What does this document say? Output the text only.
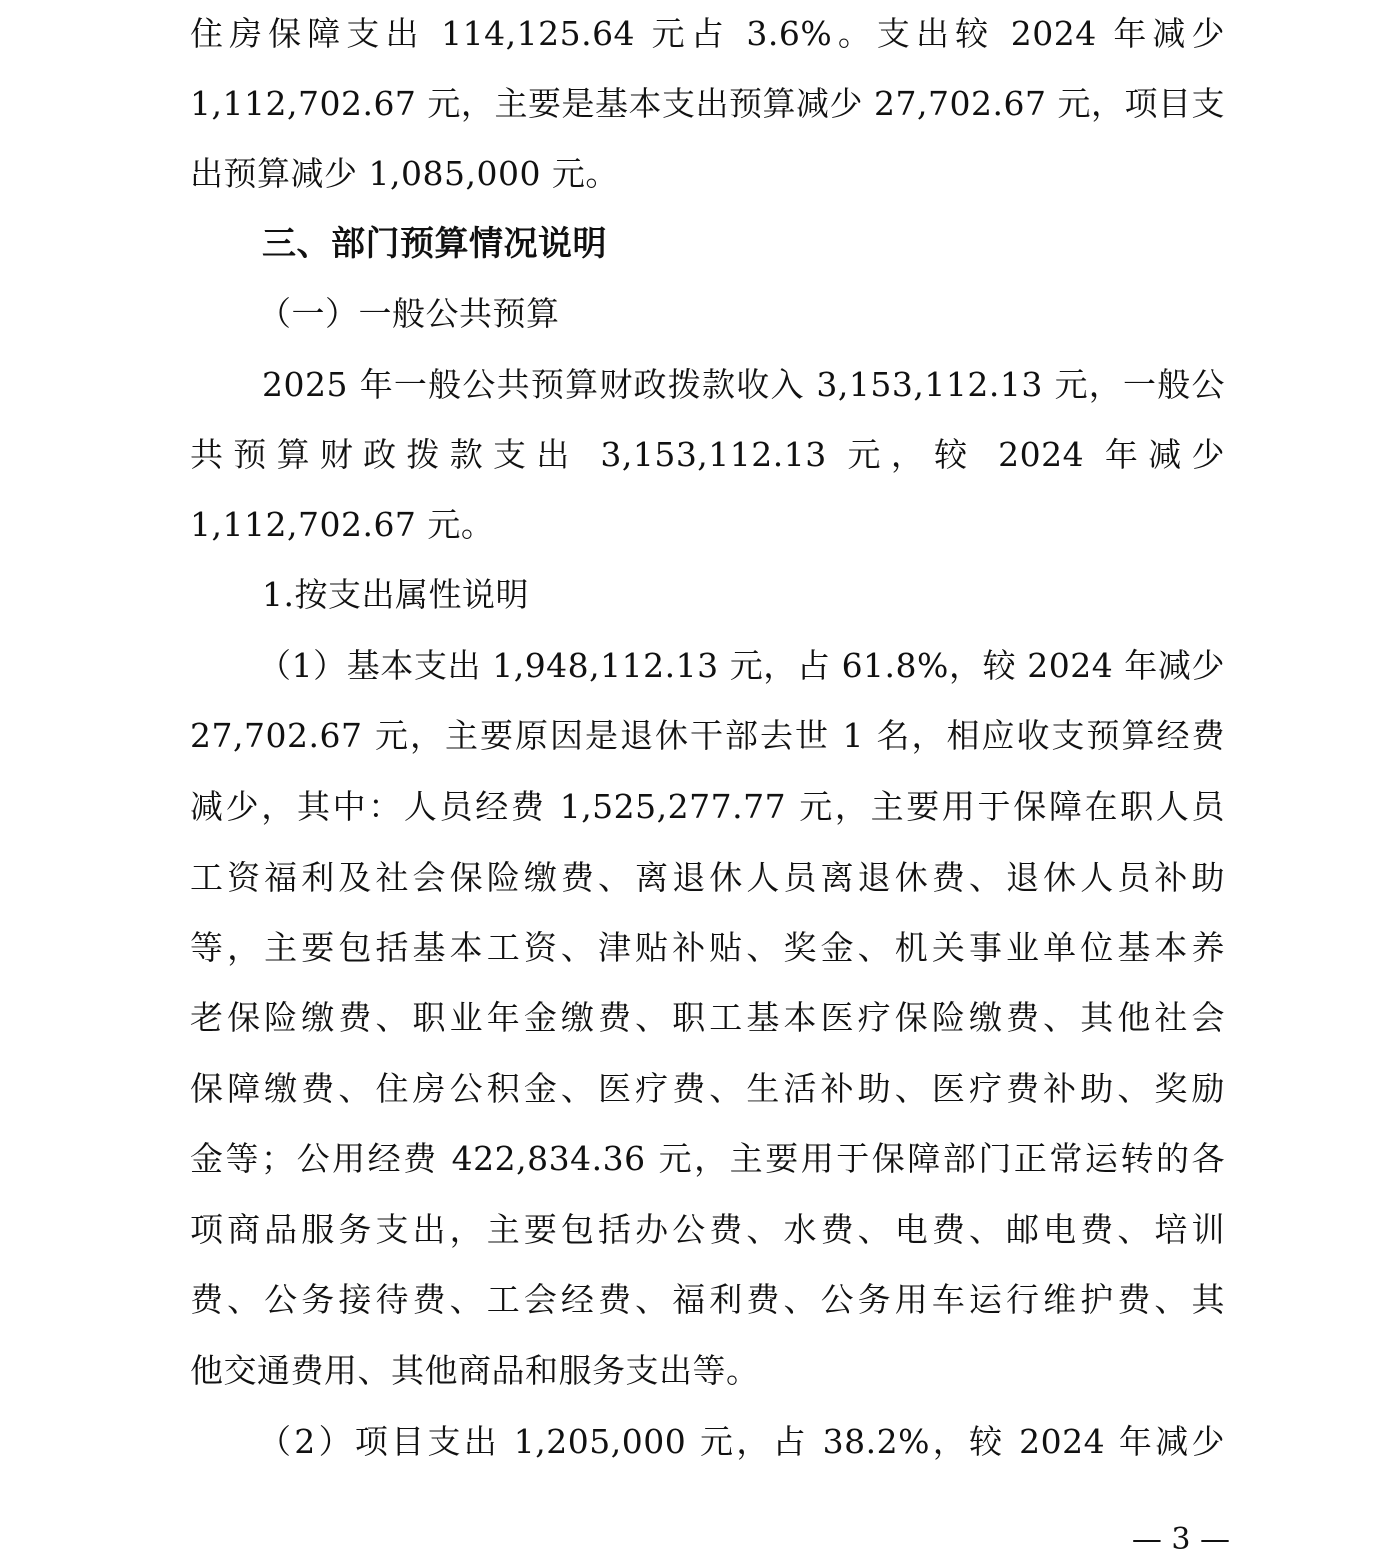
住房保障支出 114,125.64 元占 3.6%。支出较 2024 年减少
1,112,702.67 元，主要是基本支出预算减少 27,702.67 元，项目支
出预算减少 1,085,000 元。
三、部门预算情况说明
（一）一般公共预算
2025 年一般公共预算财政拨款收入 3,153,112.13 元，一般公
共预算财政拨款支出 3,153,112.13 元，较 2024 年减少
1,112,702.67 元。
1.按支出属性说明
（1）基本支出 1,948,112.13 元，占 61.8%，较 2024 年减少
27,702.67 元，主要原因是退休干部去世 1 名，相应收支预算经费
减少，其中：人员经费 1,525,277.77 元，主要用于保障在职人员
工资福利及社会保险缴费、离退休人员离退休费、退休人员补助
等，主要包括基本工资、津贴补贴、奖金、机关事业单位基本养
老保险缴费、职业年金缴费、职工基本医疗保险缴费、其他社会
保障缴费、住房公积金、医疗费、生活补助、医疗费补助、奖励
金等；公用经费 422,834.36 元，主要用于保障部门正常运转的各
项商品服务支出，主要包括办公费、水费、电费、邮电费、培训
费、公务接待费、工会经费、福利费、公务用车运行维护费、其
他交通费用、其他商品和服务支出等。
（2）项目支出 1,205,000 元，占 38.2%，较 2024 年减少
— 3 —
